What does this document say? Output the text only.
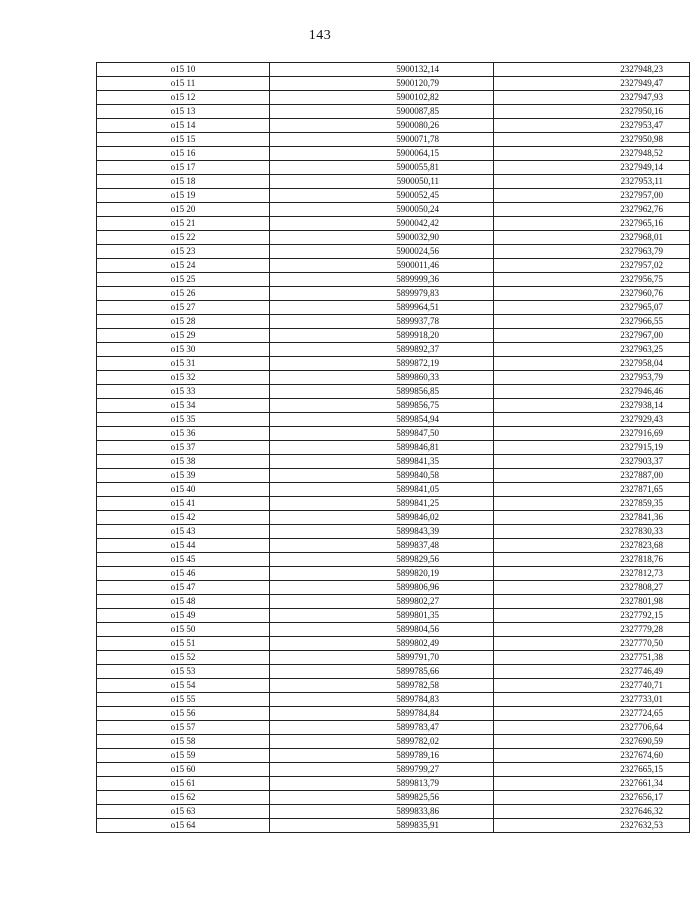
143
o15 10	5900132,14	2327948,23
o15 11	5900120,79	2327949,47
o15 12	5900102,82	2327947,93
o15 13	5900087,85	2327950,16
o15 14	5900080,26	2327953,47
o15 15	5900071,78	2327950,98
o15 16	5900064,15	2327948,52
o15 17	5900055,81	2327949,14
o15 18	5900050,11	2327953,11
o15 19	5900052,45	2327957,00
o15 20	5900050,24	2327962,76
o15 21	5900042,42	2327965,16
o15 22	5900032,90	2327968,01
o15 23	5900024,56	2327963,79
o15 24	5900011,46	2327957,02
o15 25	5899999,36	2327956,75
o15 26	5899979,83	2327960,76
o15 27	5899964,51	2327965,07
o15 28	5899937,78	2327966,55
o15 29	5899918,20	2327967,00
o15 30	5899892,37	2327963,25
o15 31	5899872,19	2327958,04
o15 32	5899860,33	2327953,79
o15 33	5899856,85	2327946,46
o15 34	5899856,75	2327938,14
o15 35	5899854,94	2327929,43
o15 36	5899847,50	2327916,69
o15 37	5899846,81	2327915,19
o15 38	5899841,35	2327903,37
o15 39	5899840,58	2327887,00
o15 40	5899841,05	2327871,65
o15 41	5899841,25	2327859,35
o15 42	5899846,02	2327841,36
o15 43	5899843,39	2327830,33
o15 44	5899837,48	2327823,68
o15 45	5899829,56	2327818,76
o15 46	5899820,19	2327812,73
o15 47	5899806,96	2327808,27
o15 48	5899802,27	2327801,98
o15 49	5899801,35	2327792,15
o15 50	5899804,56	2327779,28
o15 51	5899802,49	2327770,50
o15 52	5899791,70	2327751,38
o15 53	5899785,66	2327746,49
o15 54	5899782,58	2327740,71
o15 55	5899784,83	2327733,01
o15 56	5899784,84	2327724,65
o15 57	5899783,47	2327706,64
o15 58	5899782,02	2327690,59
o15 59	5899789,16	2327674,60
o15 60	5899799,27	2327665,15
o15 61	5899813,79	2327661,34
o15 62	5899825,56	2327656,17
o15 63	5899833,86	2327646,32
o15 64	5899835,91	2327632,53
